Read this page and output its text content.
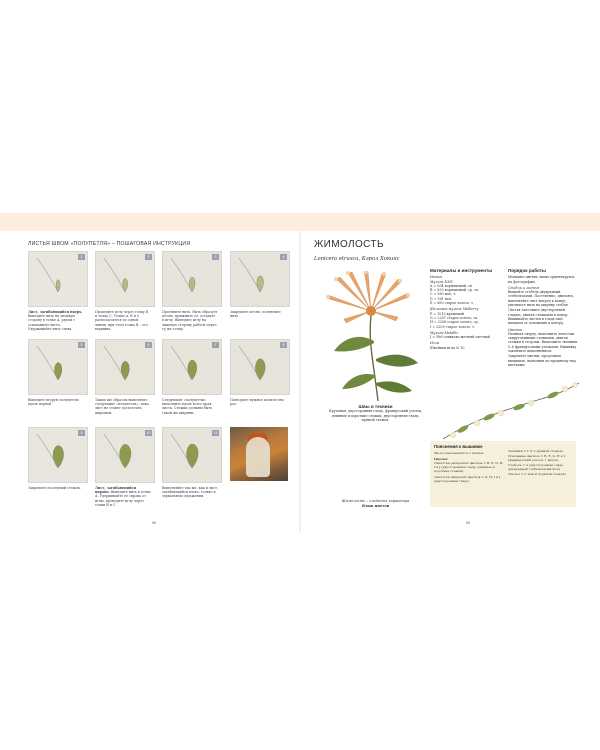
ЛИСТЬЯ ШВОМ «ПОЛУПЕТЛЯ» – ПОШАГОВАЯ ИНСТРУКЦИЯ
1
Лист, загибающийся вверх. Выведите нить на лицевую сторону в точке А, рядом с основанием листа. Удерживайте нить слева.
2
Проведите иглу через точку В и точку С. Точки А, В и С располагаются по одной линии, при этом точка В – это вершина.
3
Протяните нить. Нить образует петлю, прижмите ее, оставьте в иглу. Выведите иглу на лицевую сторону работы через ту же точку.
4
Закрепите петлю, подтяните нить.
5
Выведите вторую полупетлю вдоль первой.
6
Таким же образом выполните следующие «полупетли», пока лист не станет достаточно широким.
7
Следующие «полупетли» выполните вдоль всего края листа. Стежки должны быть такой же ширины.
8
Повторите нужное количество раз.
9
Закрепите последний стежок.
10
Лист, загибающийся вправо. Выведите нить в точке А. Удерживайте ее справа от иглы, проведите иглу через точки В и С.
11
Выполняйте так же, как и лист, загибающийся влево, только в зеркальном отражении.
88
ЖИМОЛОСТЬ
Lonicera etrusca, Кэрол Хокинс
Швы и техники
Крученая, двусторонняя гладь, французский узелок, длинные и короткие стежки, двусторонняя гладь, прямой стежок.
Жимолость – сладость характера
Язык цветов
Материалы и инструменты
Нитки
Мулине DMC
А = 834 коричневый, св.
В = 833 коричневый, ср. св.
С = 580 мох, т.
D = 581 мох
E = 680 старое золото, т.
Шелковое мулине Mulberry
F = 1013 кремовый
G = 2207 старое золото, св.
H = 2208 старое золото, ср.
I = 2209 старое золото, т.
Мулине Metallic
J = 586 оливково-желтый светлый
Иглы
Швейная игла № 10
Порядок работы
Меньшие цветки лиана ориентируясь на фотографию.
Стебли и листья
Вышейте стебель двухрядный стебельчатый. Постепенно, двигаясь, наклоняйте лист вперед к концу, увеличьте нить на ширину стебля.
Листья заполните двусторонней гладью, двигая стежками к концу. Вышивайте листья в гладь ещё, начиная от основания к центру.
Цветки
Начиная сверху, выполните лепестки закругленными стежками, двигая стежки в стороны. Выполните тычинки 5–6 французскими узелками. Вышивку закончите выполнением.
Закрепите цветки, продолжая вышивать, выполнив по-прежнему над цветками.
Пояснения к вышивке
Мелко вышиваются 1 нитью.
Цветки
Лепестки раскрытых цветков = В, Е, G, Н, I и J (двусторонняя гладь, длинные и короткие стежки)
Лепестки закрытых цветков = G, Н, I и J (двусторонняя гладь)
Тычинки = Г и I (прямой стежок)
Основание цветков = В, Е, G, Н и I (французский узелок, 1 виток)
Стебель = А (двусторонняя гладь, двухрядный стебельчатый шов)
Листья = С или D (прямой стежок)
89
